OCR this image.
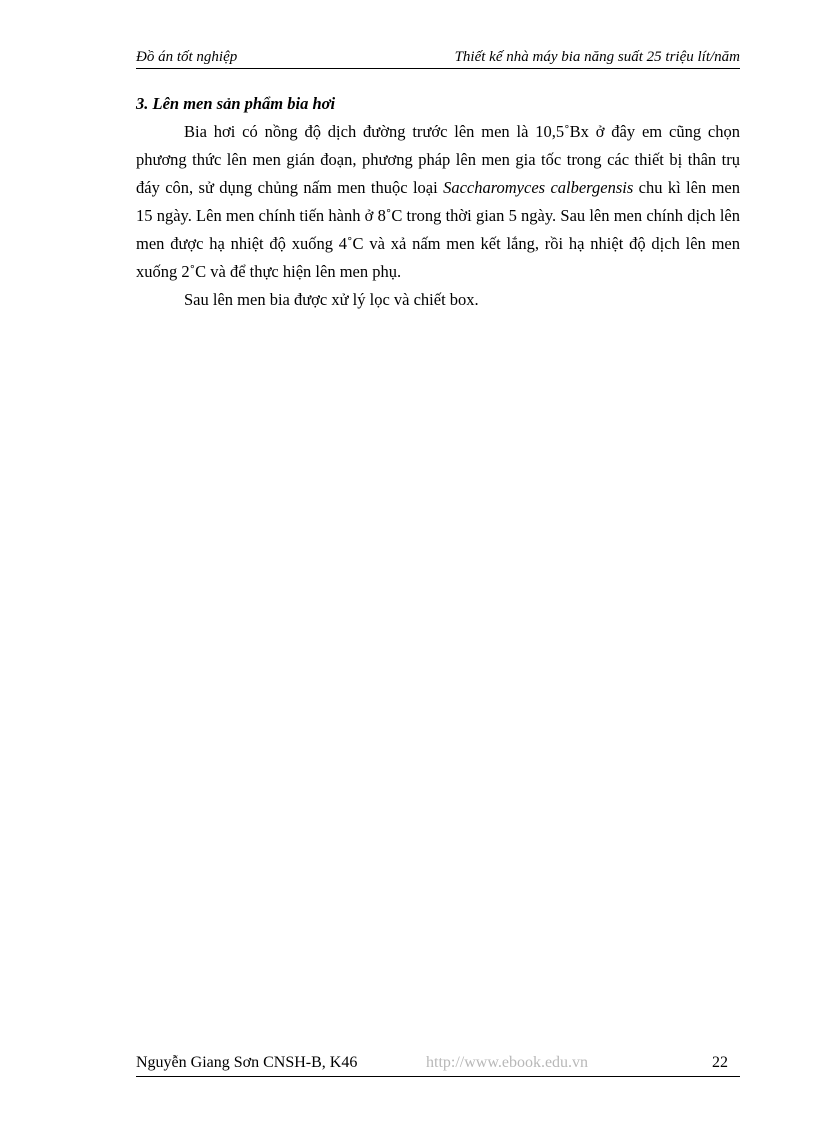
Đồ án tốt nghiệp	Thiết kế nhà máy bia năng suất 25 triệu lít/năm

3. Lên men sản phẩm bia hơi

Bia hơi có nồng độ dịch đường trước lên men là 10,5˚Bx ở đây em cũng chọn phương thức lên men gián đoạn, phương pháp lên men gia tốc trong các thiết bị thân trụ đáy côn, sử dụng chủng nấm men thuộc loại Saccharomyces calbergensis chu kì lên men 15 ngày. Lên men chính tiến hành ở 8˚C trong thời gian 5 ngày. Sau lên men chính dịch lên men được hạ nhiệt độ xuống 4˚C và xả nấm men kết lắng, rồi hạ nhiệt độ dịch lên men xuống 2˚C và để thực hiện lên men phụ.

Sau lên men bia được xử lý lọc và chiết box.

Nguyễn Giang Sơn CNSH-B, K46	http://www.ebook.edu.vn	22
